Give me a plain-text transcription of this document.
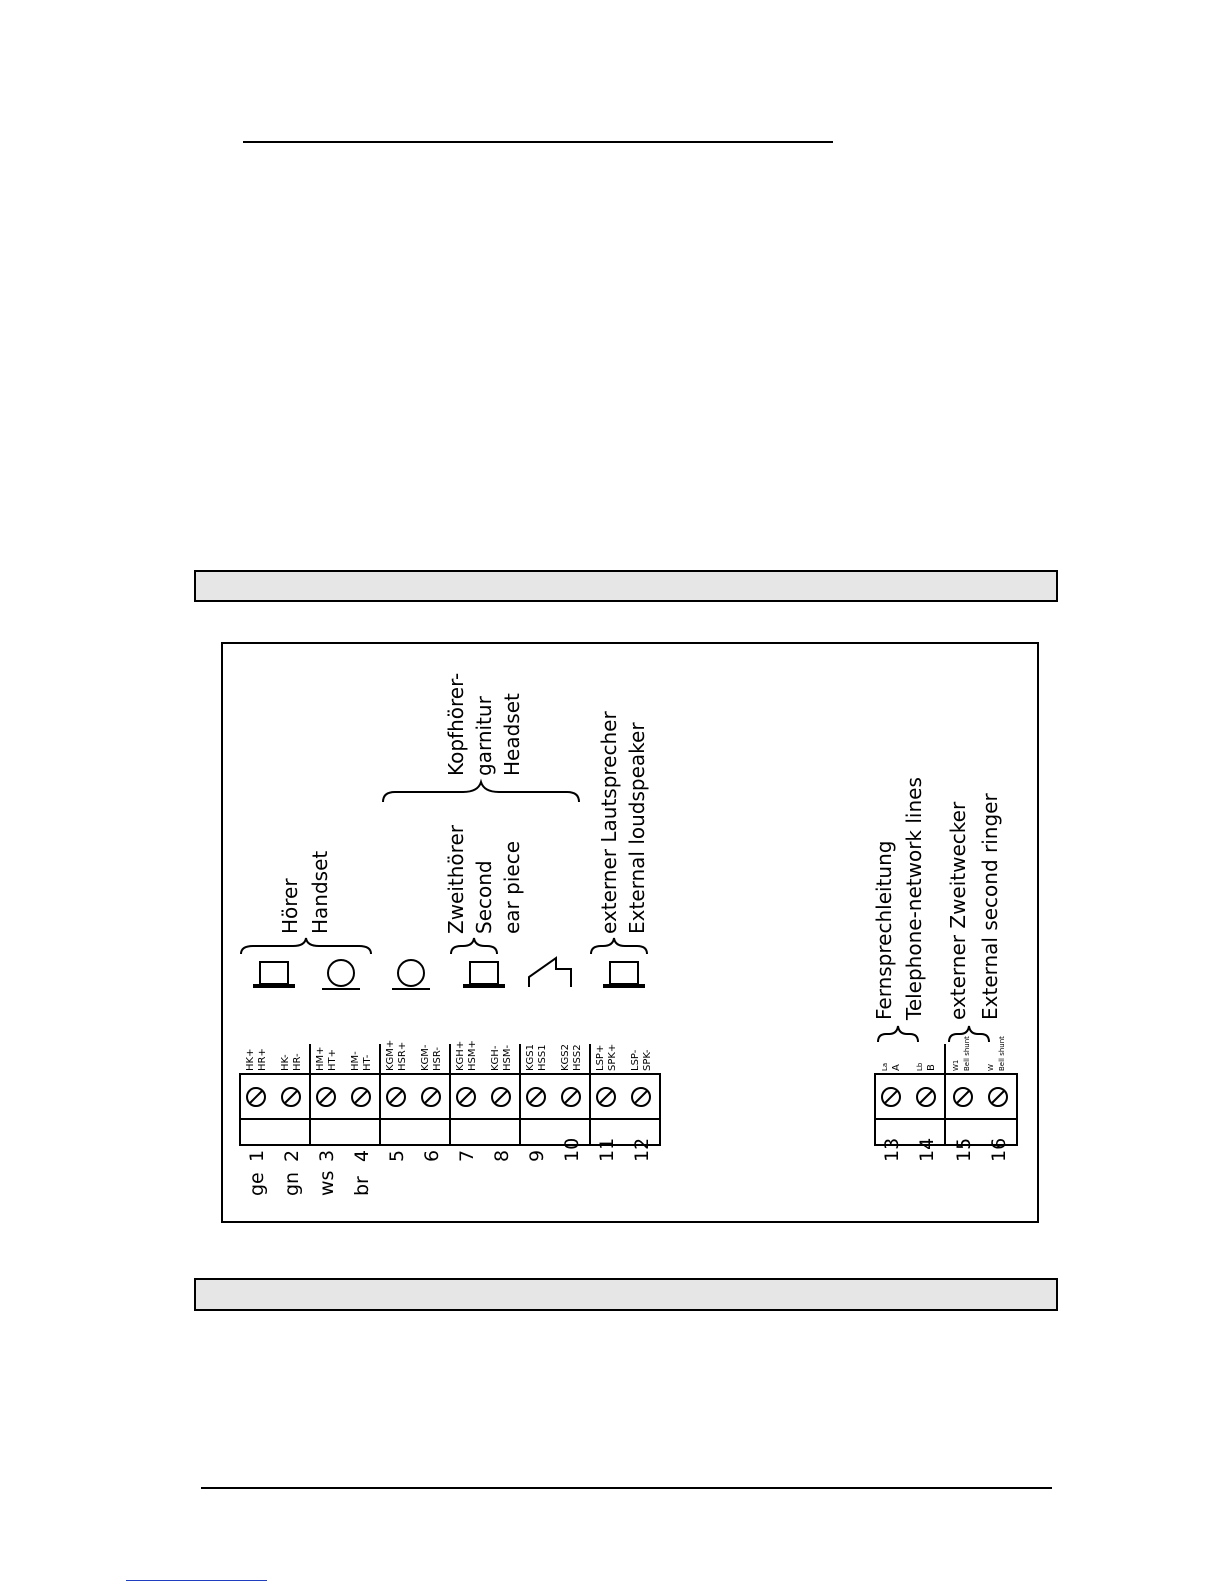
HK+ HR+ HK- HR- HM+ HT+ HM- HT- KGM+ HSR+ KGM- HSR- KGH+ HSM+ KGH- HSM- KGS1 HSS1 KGS2 HSS2 LSP+ SPK+ LSP- SPK-
1 2 3 4 5 6 7 8 9 10 11 12
ge gn ws br
Hörer Handset	Zweithörer Second ear piece	externer Lautsprecher External loudspeaker
Kopfhörer- garnitur Headset
Fernsprechleitung Telephone-network lines externer Zweitwecker External second ringer
La A Lb B W1 Bell shunt W Bell shunt
13 14 15 16
